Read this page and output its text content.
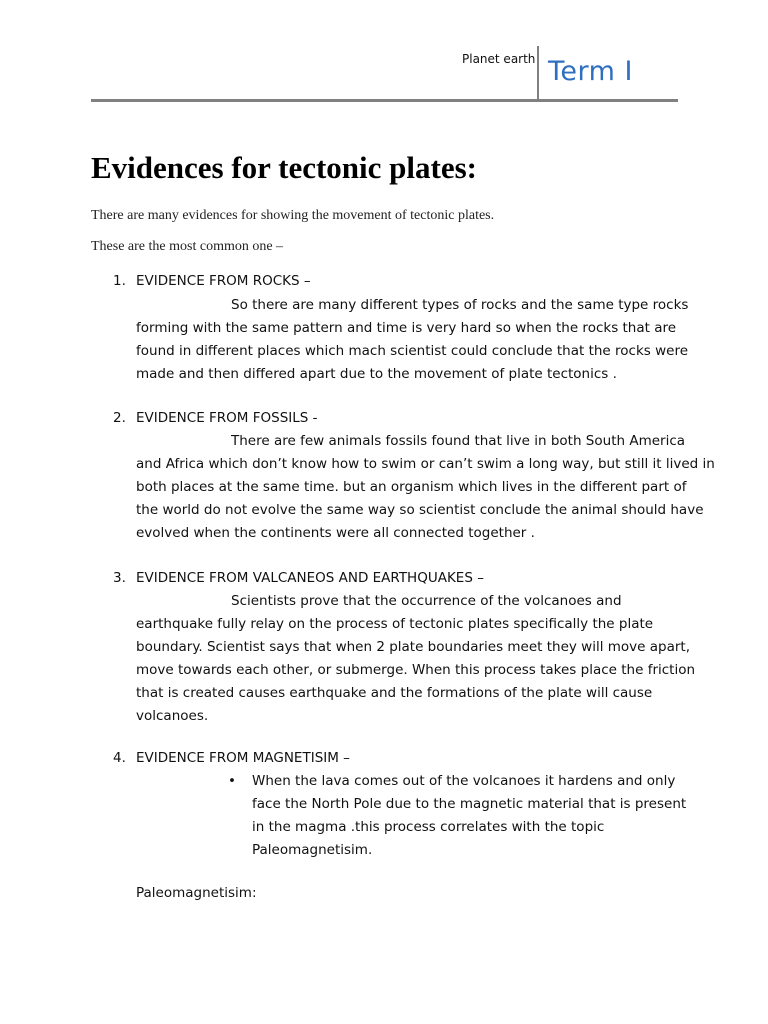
Planet earth Term I
Evidences for tectonic plates:
There are many evidences for showing the movement of tectonic plates.
These are the most common one –
1. EVIDENCE FROM ROCKS –
So there are many different types of rocks and the same type rocks
forming with the same pattern and time is very hard so when the rocks that are
found in different places which mach scientist could conclude that the rocks were
made and then differed apart due to the movement of plate tectonics .
2. EVIDENCE FROM FOSSILS -
There are few animals fossils found that live in both South America
and Africa which don’t know how to swim or can’t swim a long way, but still it lived in
both places at the same time. but an organism which lives in the different part of
the world do not evolve the same way so scientist conclude the animal should have
evolved when the continents were all connected together .
3. EVIDENCE FROM VALCANEOS AND EARTHQUAKES –
Scientists prove that the occurrence of the volcanoes and
earthquake fully relay on the process of tectonic plates specifically the plate
boundary. Scientist says that when 2 plate boundaries meet they will move apart,
move towards each other, or submerge. When this process takes place the friction
that is created causes earthquake and the formations of the plate will cause
volcanoes.
4. EVIDENCE FROM MAGNETISIM –
• When the lava comes out of the volcanoes it hardens and only
face the North Pole due to the magnetic material that is present
in the magma .this process correlates with the topic
Paleomagnetisim.
Paleomagnetisim:
